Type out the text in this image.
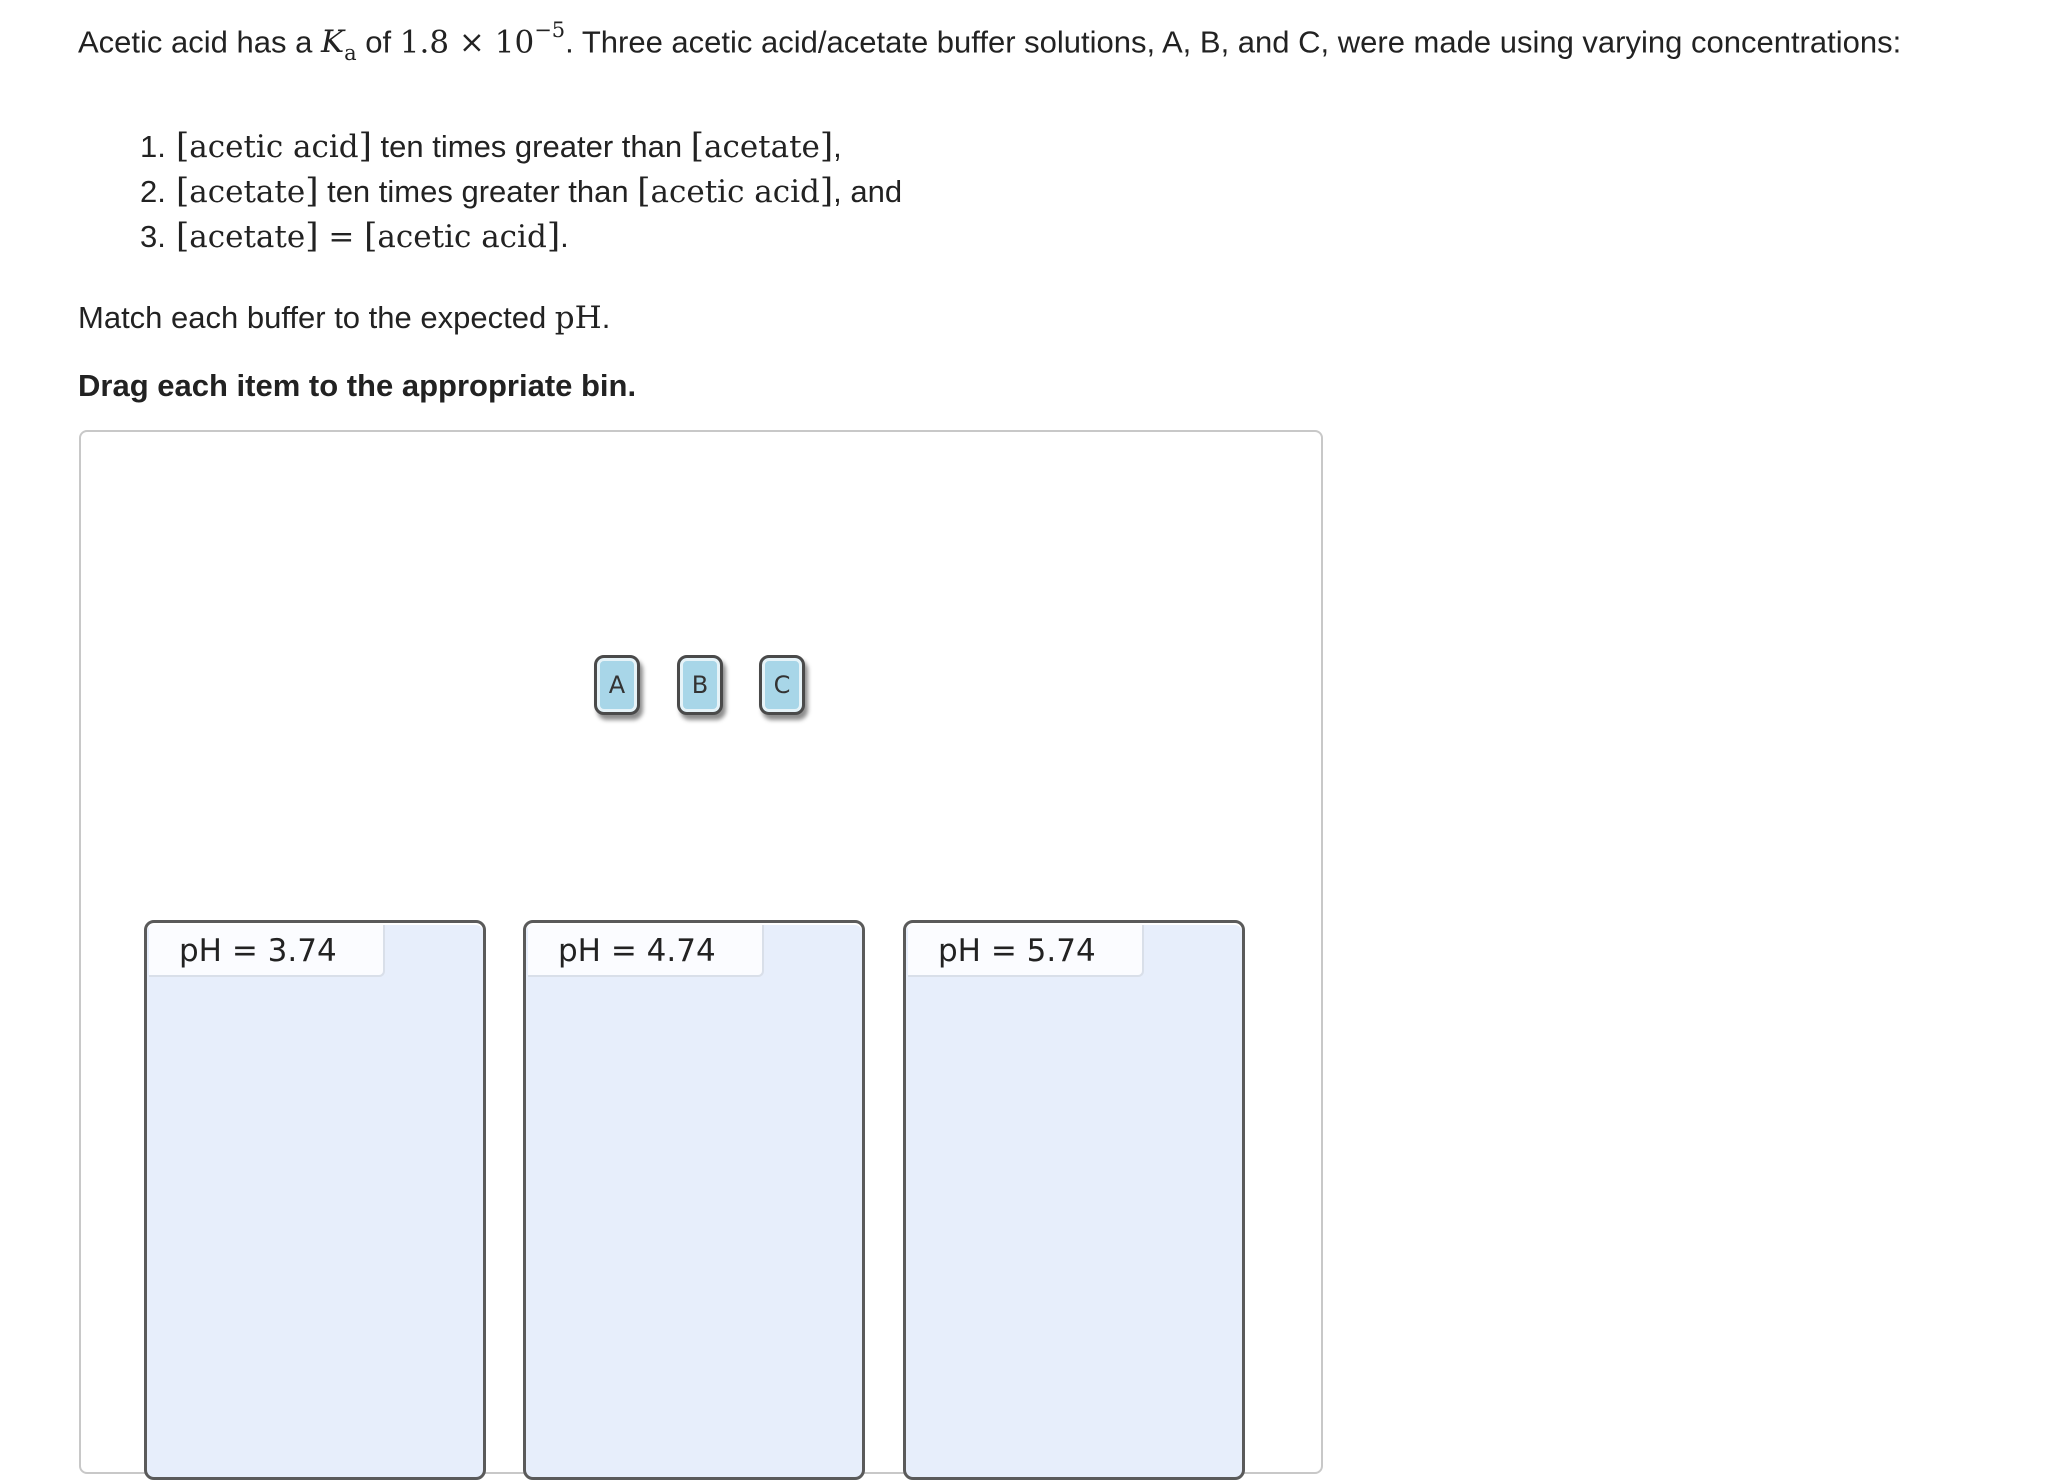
Acetic acid has a $K_a$ of $1.8 \times 10^{-5}$. Three acetic acid/acetate buffer solutions, A, B, and C, were made using varying concentrations:
1. [acetic acid] ten times greater than [acetate],
2. [acetate] ten times greater than [acetic acid], and
3. [acetate] = [acetic acid].
Match each buffer to the expected pH.
Drag each item to the appropriate bin.
A	B	C
pH = 3.74	pH = 4.74	pH = 5.74
